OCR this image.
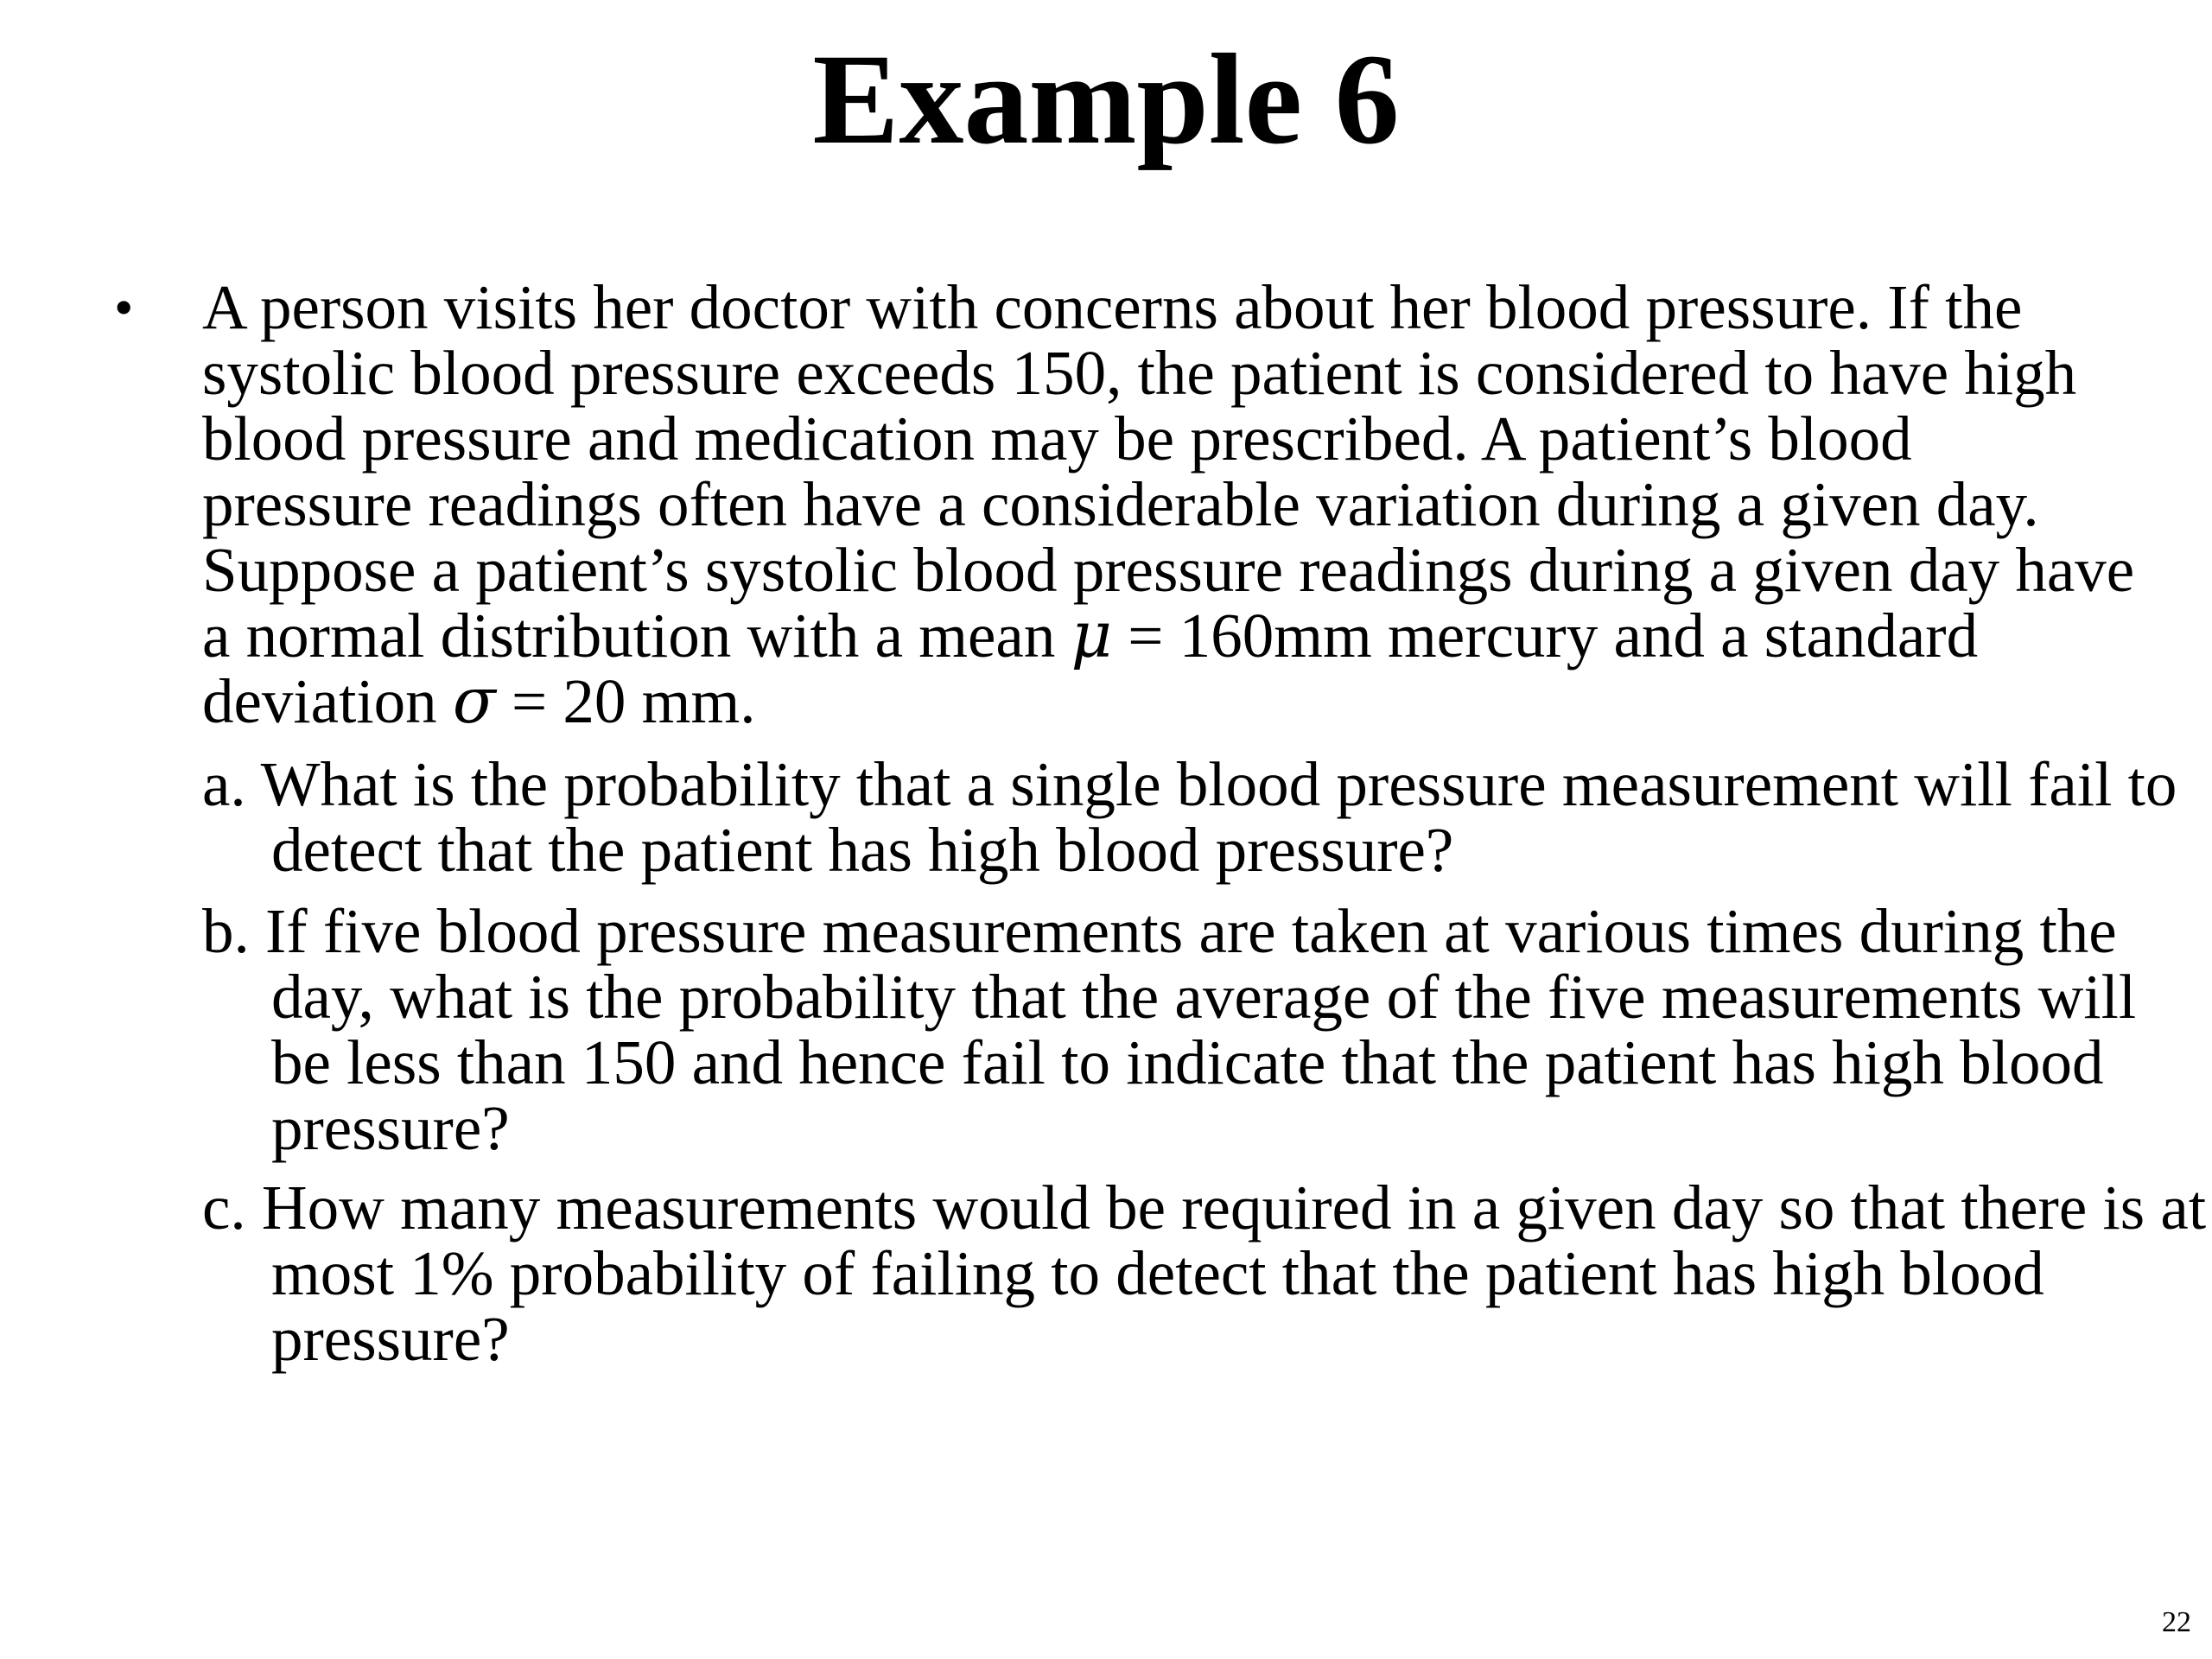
Example 6
• A person visits her doctor with concerns about her blood pressure. If the systolic blood pressure exceeds 150, the patient is considered to have high blood pressure and medication may be prescribed. A patient’s blood pressure readings often have a considerable variation during a given day. Suppose a patient’s systolic blood pressure readings during a given day have a normal distribution with a mean μ = 160mm mercury and a standard deviation σ = 20 mm.

a. What is the probability that a single blood pressure measurement will fail to detect that the patient has high blood pressure?

b. If five blood pressure measurements are taken at various times during the day, what is the probability that the average of the five measurements will be less than 150 and hence fail to indicate that the patient has high blood pressure?

c. How many measurements would be required in a given day so that there is at most 1% probability of failing to detect that the patient has high blood pressure?

22
